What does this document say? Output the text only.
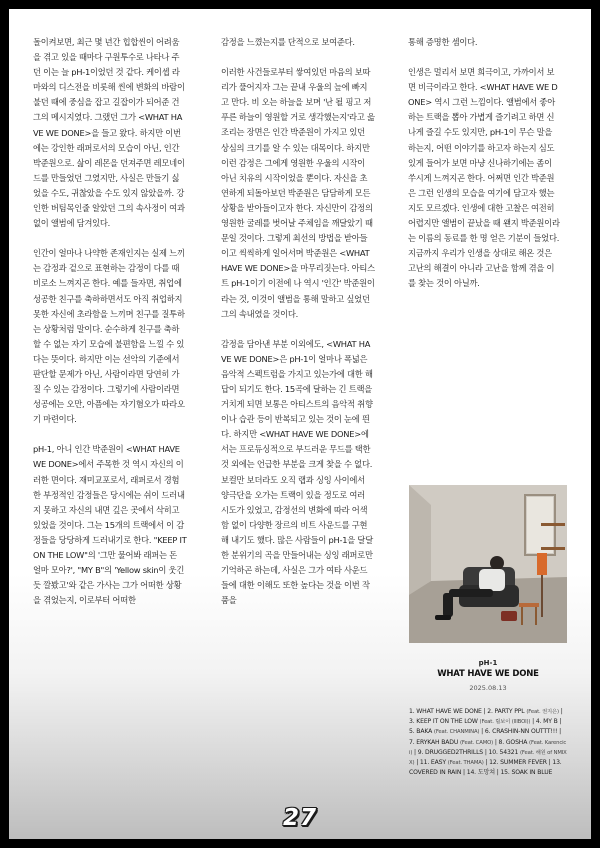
돌이켜보면, 최근 몇 년간 힙합씬이 어려움을 겪고 있을 때마다 구원투수로 나타나 주던 이는 늘 pH-1이었던 것 같다. 케이셉 라마와의 디스전을 비롯해 씬에 변화의 바람이 불던 때에 중심을 잡고 길잡이가 되어준 건 그의 메시지였다. 그랬던 그가 <WHAT HAVE WE DONE>을 들고 왔다. 하지만 이번에는 강인한 래퍼로서의 모습이 아닌, 인간 박준원으로. 삶이 레몬을 던져주면 레모네이드를 만들었던 그였지만, 사실은 만들기 싫었을 수도, 귀찮았을 수도 있지 않았을까. 강인한 버팀목인줄 알았던 그의 속사정이 여과없이 앨범에 담겨있다.

인간이 얼마나 나약한 존재인지는 실제 느끼는 감정과 겉으로 표현하는 감정이 다를 때 비로소 느껴지곤 한다. 예를 들자면, 취업에 성공한 친구를 축하하면서도 아직 취업하지 못한 자신에 초라함을 느끼며 친구를 질투하는 상황처럼 말이다. 순수하게 친구를 축하할 수 없는 자기 모습에 불편함을 느낄 수 있다는 뜻이다. 하지만 이는 선악의 기준에서 판단할 문제가 아닌, 사람이라면 당연히 가질 수 있는 감정이다. 그렇기에 사람이라면 성공에는 오만, 아픔에는 자기혐오가 따라오기 마련이다.

pH-1, 아니 인간 박준원이 <WHAT HAVE WE DONE>에서 주목한 것 역시 자신의 이러한 면이다. 재미교포로서, 래퍼로서 경험한 부정적인 감정들은 당시에는 쉬이 드러내지 못하고 자신의 내면 깊은 곳에서 삭히고 있었을 것이다. 그는 15개의 트랙에서 이 감정들을 당당하게 드러내기로 한다. "KEEP IT ON THE LOW"의 '그만 물어봐 래퍼는 돈 얼마 모아?', "MY B"의 'Yellow skin이 웃긴 듯 깔봤고'와 같은 가사는 그가 어떠한 상황을 겪었는지, 이로부터 어떠한

감정을 느꼈는지를 단적으로 보여준다.

이러한 사건들로부터 쌓여있던 마음의 보따리가 풀어지자 그는 끝내 우울의 늪에 빠지고 만다. 비 오는 하늘을 보며 '난 될 핑고 저 푸른 하늘이 영원할 거로 생각했는지'라고 읊조리는 장면은 인간 박준원이 가지고 있던 상심의 크기를 알 수 있는 대목이다. 하지만 이런 감정은 그에게 영원한 우울의 시작이 아닌 치유의 시작이었을 뿐이다. 자신을 초연하게 되돌아보던 박준원은 담담하게 모든 상황을 받아들이고자 한다. 자신만이 감정의 영원한 굴레를 벗어날 주체임을 깨달았기 때문일 것이다. 그렇게 최선의 방법을 받아들이고 씩씩하게 일어서며 박준원은 <WHAT HAVE WE DONE>을 마무리짓는다. 아티스트 pH-1이기 이전에 나 역시 '인간' 박준원이라는 것, 이것이 앨범을 통해 말하고 싶었던 그의 속내였을 것이다.

감정을 담아낸 부분 이외에도, <WHAT HAVE WE DONE>은 pH-1이 얼마나 폭넓은 음악적 스펙트럼을 가지고 있는가에 대한 해답이 되기도 한다. 15곡에 달하는 긴 트랙을 거치게 되면 보통은 아티스트의 음악적 취향이나 습관 등이 반복되고 있는 것이 눈에 띈다. 하지만 <WHAT HAVE WE DONE>에서는 프로듀싱적으로 부드러운 무드를 택한 것 외에는 언급한 부분을 크게 찾을 수 없다. 보컬만 보더라도 오직 랩과 싱잉 사이에서 양극단을 오가는 트랙이 있을 정도로 여러 시도가 있었고, 감정선의 변화에 따라 어색함 없이 다양한 장르의 비트 사운드를 구현해 내기도 했다. 많은 사람들이 pH-1을 달달한 분위기의 곡을 만들어내는 싱잉 래퍼로만 기억하곤 하는데, 사실은 그가 여타 사운드들에 대한 이해도 또한 높다는 것을 이번 작품을

통해 증명한 셈이다.

인생은 멀리서 보면 희극이고, 가까이서 보면 비극이라고 한다. <WHAT HAVE WE DONE> 역시 그런 느낌이다. 앨범에서 좋아하는 트랙을 뽑아 가볍게 즐기려고 하면 신나게 즐길 수도 있지만, pH-1이 무슨 말을 하는지, 어떤 이야기를 하고자 하는지 심도 있게 들어가 보면 마냥 신나하기에는 좀이 쑤시게 느껴지곤 한다. 어쩌면 인간 박준원은 그런 인생의 모습을 여기에 담고자 했는지도 모르겠다. 인생에 대한 고찰은 여전히 어렵지만 앨범이 끝났을 때 왠지 박준원이라는 이름의 동료를 한 명 얻은 기분이 들었다. 지금까지 우리가 인생을 상대로 해온 것은 고난의 해결이 아니라 고난을 함께 겪을 이를 찾는 것이 아닐까.

pH-1
WHAT HAVE WE DONE
2025.08.13
1. WHAT HAVE WE DONE | 2. PARTY PPL (Feat. 권지은) | 3. KEEP IT ON THE LOW (Feat. 릴보이 (lIlBOI)) | 4. MY B | 5. BAKA (Feat. CHANMINA) | 6. CRASHIN-NN OUTTT!!! | 7. ERYKAH BADU (Feat. CAMO) | 8. GOSHA (Feat. Karencici) | 9. DRUGGED2THRILLS | 10. 54321 (Feat. 해원 of NMIXX) | 11. EASY (Feat. THAMA) | 12. SUMMER FEVER | 13. COVERED IN RAIN | 14. 도망쳐 | 15. SOAK IN BLUE
27
